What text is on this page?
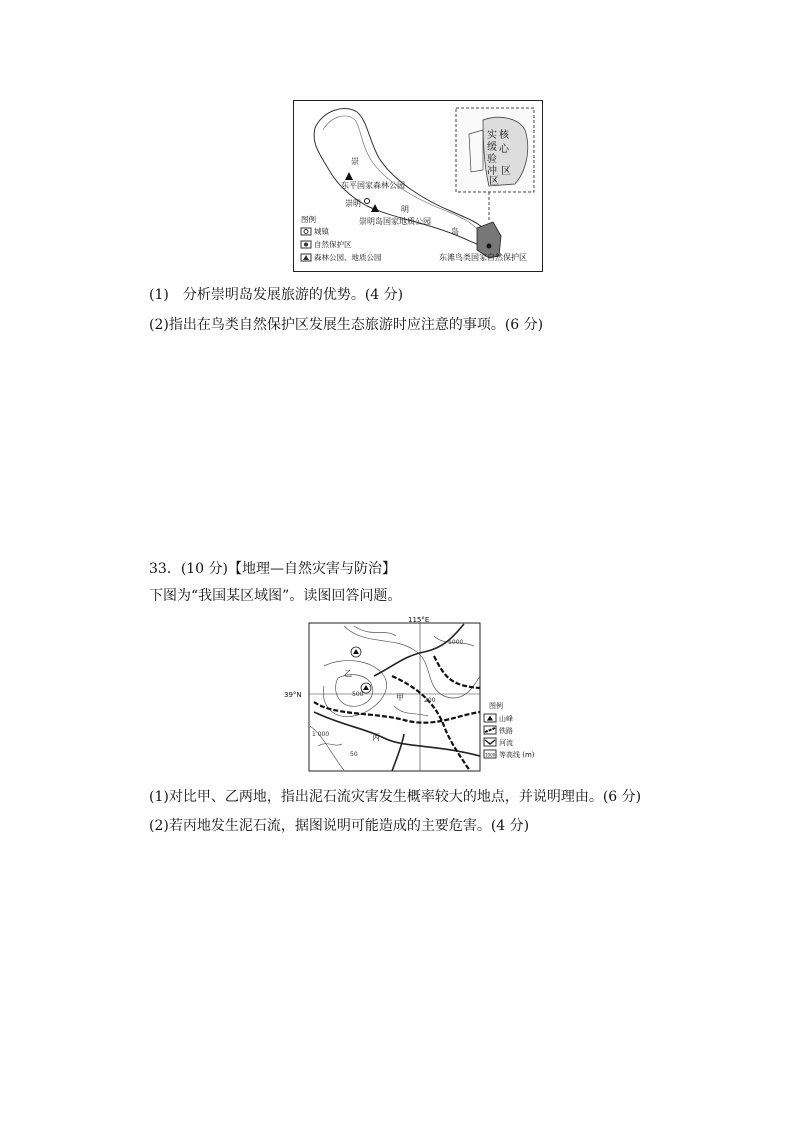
实 核
缓 心
验
冲 区
区
崇
明
岛
崇明
东平国家森林公园
崇明岛国家地质公园
东滩鸟类国家自然保护区
图例
城镇
自然保护区
森林公园、地质公园
(1)　分析崇明岛发展旅游的优势。(4 分)
(2)指出在鸟类自然保护区发展生态旅游时应注意的事项。(6 分)
33．(10 分)【地理—自然灾害与防治】
下图为“我国某区域图”。读图回答问题。
115°E
39°N	甲
乙
丙
1000
1 000
200
500
50
图例
山峰
铁路
河流
1000 等高线 (m)
(1)对比甲、乙两地，指出泥石流灾害发生概率较大的地点，并说明理由。(6 分)
(2)若丙地发生泥石流，据图说明可能造成的主要危害。(4 分)
